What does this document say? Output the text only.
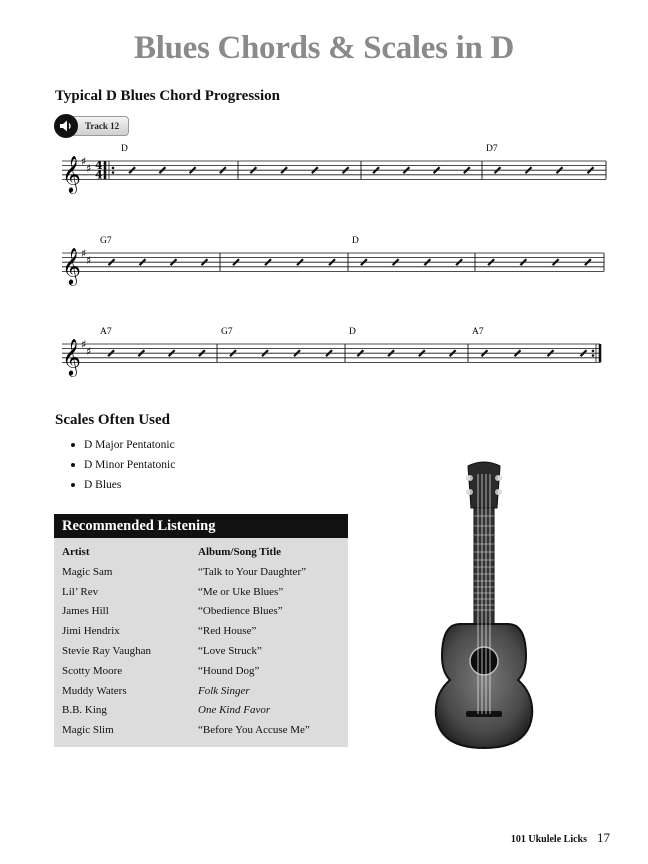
Blues Chords & Scales in D
Typical D Blues Chord Progression
Track 12
𝄞 ♯
♯ 4
4
D	D7
𝄞 ♯
♯
G7	D
𝄞 ♯
♯
A7	G7	D	A7
Scales Often Used
D Major Pentatonic
D Minor Pentatonic
D Blues
Recommended Listening
Artist	Album/Song Title
Magic Sam	“Talk to Your Daughter”
Lil’ Rev	“Me or Uke Blues”
James Hill	“Obedience Blues”
Jimi Hendrix	“Red House”
Stevie Ray Vaughan	“Love Struck”
Scotty Moore	“Hound Dog”
Muddy Waters	Folk Singer
B.B. King	One Kind Favor
Magic Slim	“Before You Accuse Me”
101 Ukulele Licks 17
